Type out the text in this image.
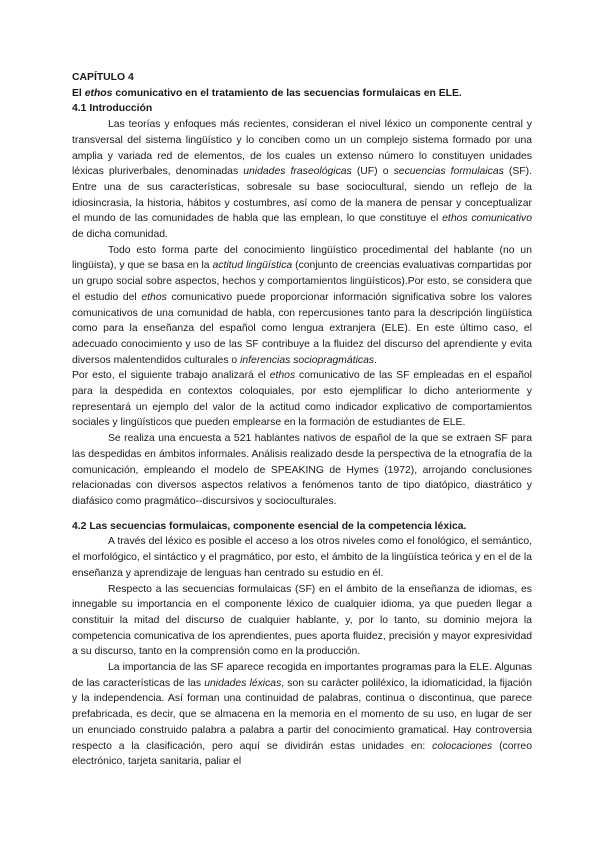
CAPÍTULO 4

El ethos comunicativo en el tratamiento de las secuencias formulaicas en ELE.

4.1 Introducción

Las teorías y enfoques más recientes, consideran el nivel léxico un componente central y transversal del sistema lingüístico y lo conciben como un un complejo sistema formado por una amplia y variada red de elementos, de los cuales un extenso número lo constituyen unidades léxicas pluriverbales, denominadas unidades fraseológicas (UF) o secuencias formulaicas (SF). Entre una de sus características, sobresale su base sociocultural, siendo un reflejo de la idiosincrasia, la historia, hábitos y costumbres, así como de la manera de pensar y conceptualizar el mundo de las comunidades de habla que las emplean, lo que constituye el ethos comunicativo de dicha comunidad.

Todo esto forma parte del conocimiento lingüístico procedimental del hablante (no un lingüista), y que se basa en la actitud lingüística (conjunto de creencias evaluativas compartidas por un grupo social sobre aspectos, hechos y comportamientos lingüísticos).Por esto, se considera que el estudio del ethos comunicativo puede proporcionar información significativa sobre los valores comunicativos de una comunidad de habla, con repercusiones tanto para la descripción lingüística como para la enseñanza del español como lengua extranjera (ELE). En este último caso, el adecuado conocimiento y uso de las SF contribuye a la fluidez del discurso del aprendiente y evita diversos malentendidos culturales o inferencias sociopragmáticas.

Por esto, el siguiente trabajo analizará el ethos comunicativo de las SF empleadas en el español para la despedida en contextos coloquiales, por esto ejemplificar lo dicho anteriormente y representará un ejemplo del valor de la actitud como indicador explicativo de comportamientos sociales y lingüísticos que pueden emplearse en la formación de estudiantes de ELE.

Se realiza una encuesta a 521 hablantes nativos de español de la que se extraen SF para las despedidas en ámbitos informales. Análisis realizado desde la perspectiva de la etnografía de la comunicación, empleando el modelo de SPEAKING de Hymes (1972), arrojando conclusiones relacionadas con diversos aspectos relativos a fenómenos tanto de tipo diatópico, diastrático y diafásico como pragmático--discursivos y socioculturales.

4.2 Las secuencias formulaicas, componente esencial de la competencia léxica.

A través del léxico es posible el acceso a los otros niveles como el fonológico, el semántico, el morfológico, el sintáctico y el pragmático, por esto, el ámbito de la lingüística teórica y en el de la enseñanza y aprendizaje de lenguas han centrado su estudio en él.

Respecto a las secuencias formulaicas (SF) en el ámbito de la enseñanza de idiomas, es innegable su importancia en el componente léxico de cualquier idioma, ya que pueden llegar a constituir la mitad del discurso de cualquier hablante, y, por lo tanto, su dominio mejora la competencia comunicativa de los aprendientes, pues aporta fluidez, precisión y mayor expresividad a su discurso, tanto en la comprensión como en la producción.

La importancia de las SF aparece recogida en importantes programas para la ELE. Algunas de las características de las unidades léxicas, son su carácter poliléxico, la idiomaticidad, la fijación y la independencia. Así forman una continuidad de palabras, continua o discontinua, que parece prefabricada, es decir, que se almacena en la memoria en el momento de su uso, en lugar de ser un enunciado construido palabra a palabra a partir del conocimiento gramatical. Hay controversia respecto a la clasificación, pero aquí se dividirán estas unidades en: colocaciones (correo electrónico, tarjeta sanitaria, paliar el
